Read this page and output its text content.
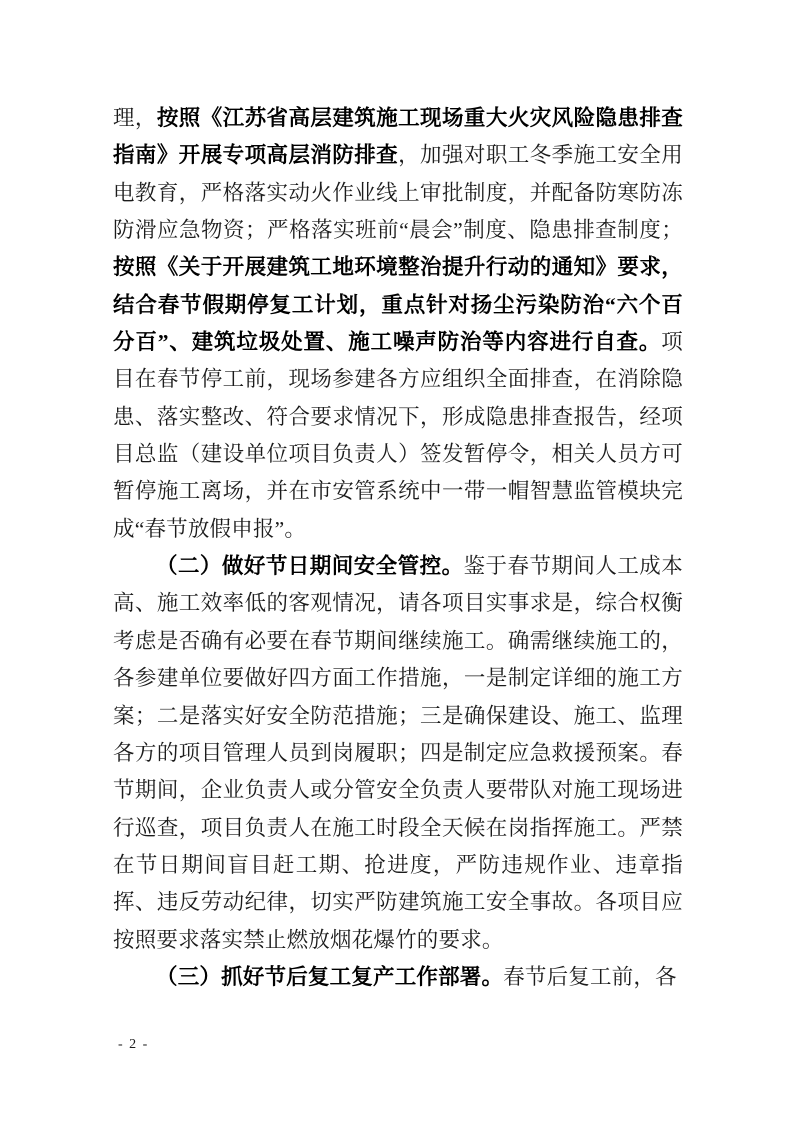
理，按照《江苏省高层建筑施工现场重大火灾风险隐患排查指南》开展专项高层消防排查，加强对职工冬季施工安全用电教育，严格落实动火作业线上审批制度，并配备防寒防冻防滑应急物资；严格落实班前“晨会”制度、隐患排查制度；按照《关于开展建筑工地环境整治提升行动的通知》要求，结合春节假期停复工计划，重点针对扬尘污染防治“六个百分百”、建筑垃圾处置、施工噪声防治等内容进行自查。项目在春节停工前，现场参建各方应组织全面排查，在消除隐患、落实整改、符合要求情况下，形成隐患排查报告，经项目总监（建设单位项目负责人）签发暂停令，相关人员方可暂停施工离场，并在市安管系统中一带一帽智慧监管模块完成“春节放假申报”。

（二）做好节日期间安全管控。鉴于春节期间人工成本高、施工效率低的客观情况，请各项目实事求是，综合权衡考虑是否确有必要在春节期间继续施工。确需继续施工的，各参建单位要做好四方面工作措施，一是制定详细的施工方案；二是落实好安全防范措施；三是确保建设、施工、监理各方的项目管理人员到岗履职；四是制定应急救援预案。春节期间，企业负责人或分管安全负责人要带队对施工现场进行巡查，项目负责人在施工时段全天候在岗指挥施工。严禁在节日期间盲目赶工期、抢进度，严防违规作业、违章指挥、违反劳动纪律，切实严防建筑施工安全事故。各项目应按照要求落实禁止燃放烟花爆竹的要求。

（三）抓好节后复工复产工作部署。春节后复工前，各

- 2 -
